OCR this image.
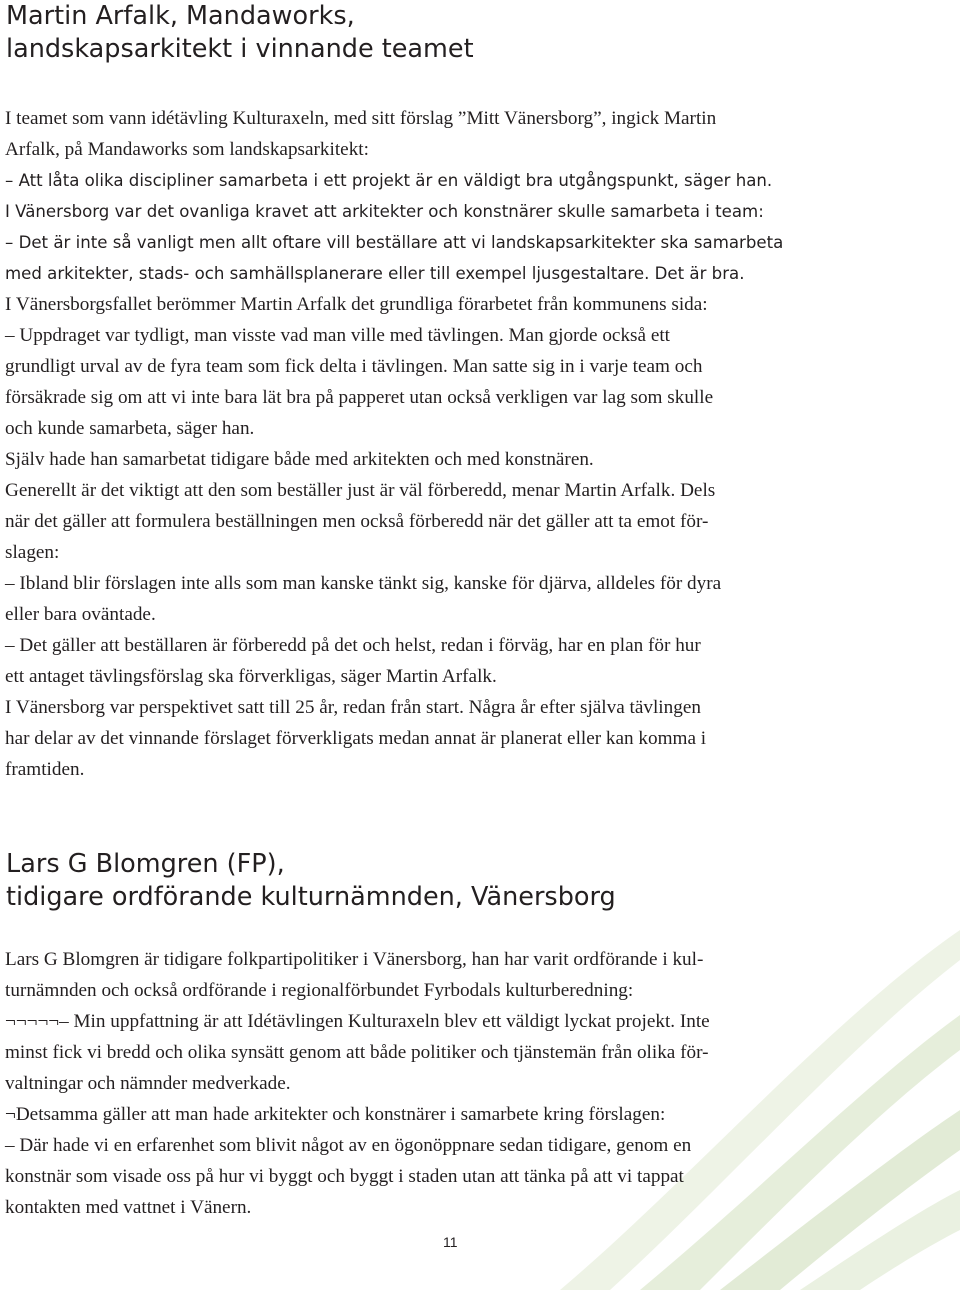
Martin Arfalk, Mandaworks,
landskapsarkitekt i vinnande teamet

I teamet som vann idétävling Kulturaxeln, med sitt förslag ”Mitt Vänersborg”, ingick Martin

Arfalk, på Mandaworks som landskapsarkitekt:

– Att låta olika discipliner samarbeta i ett projekt är en väldigt bra utgångspunkt, säger han.

I Vänersborg var det ovanliga kravet att arkitekter och konstnärer skulle samarbeta i team:

– Det är inte så vanligt men allt oftare vill beställare att vi landskapsarkitekter ska samarbeta

med arkitekter, stads- och samhällsplanerare eller till exempel ljusgestaltare. Det är bra.

I Vänersborgsfallet berömmer Martin Arfalk det grundliga förarbetet från kommunens sida:

– Uppdraget var tydligt, man visste vad man ville med tävlingen. Man gjorde också ett

grundligt urval av de fyra team som fick delta i tävlingen. Man satte sig in i varje team och

försäkrade sig om att vi inte bara lät bra på papperet utan också verkligen var lag som skulle

och kunde samarbeta, säger han.

Själv hade han samarbetat tidigare både med arkitekten och med konstnären.

Generellt är det viktigt att den som beställer just är väl förberedd, menar Martin Arfalk. Dels

när det gäller att formulera beställningen men också förberedd när det gäller att ta emot för-

slagen:

– Ibland blir förslagen inte alls som man kanske tänkt sig, kanske för djärva, alldeles för dyra

eller bara oväntade.

– Det gäller att beställaren är förberedd på det och helst, redan i förväg, har en plan för hur

ett antaget tävlingsförslag ska förverkligas, säger Martin Arfalk.

I Vänersborg var perspektivet satt till 25 år, redan från start. Några år efter själva tävlingen

har delar av det vinnande förslaget förverkligats medan annat är planerat eller kan komma i

framtiden.

Lars G Blomgren (FP),
tidigare ordförande kulturnämnden, Vänersborg

Lars G Blomgren är tidigare folkpartipolitiker i Vänersborg, han har varit ordförande i kul-

turnämnden och också ordförande i regionalförbundet Fyrbodals kulturberedning:

¬¬¬¬¬– Min uppfattning är att Idétävlingen Kulturaxeln blev ett väldigt lyckat projekt. Inte

minst fick vi bredd och olika synsätt genom att både politiker och tjänstemän från olika för-

valtningar och nämnder medverkade.

¬Detsamma gäller att man hade arkitekter och konstnärer i samarbete kring förslagen:

– Där hade vi en erfarenhet som blivit något av en ögonöppnare sedan tidigare, genom en

konstnär som visade oss på hur vi byggt och byggt i staden utan att tänka på att vi tappat

kontakten med vattnet i Vänern.

11
